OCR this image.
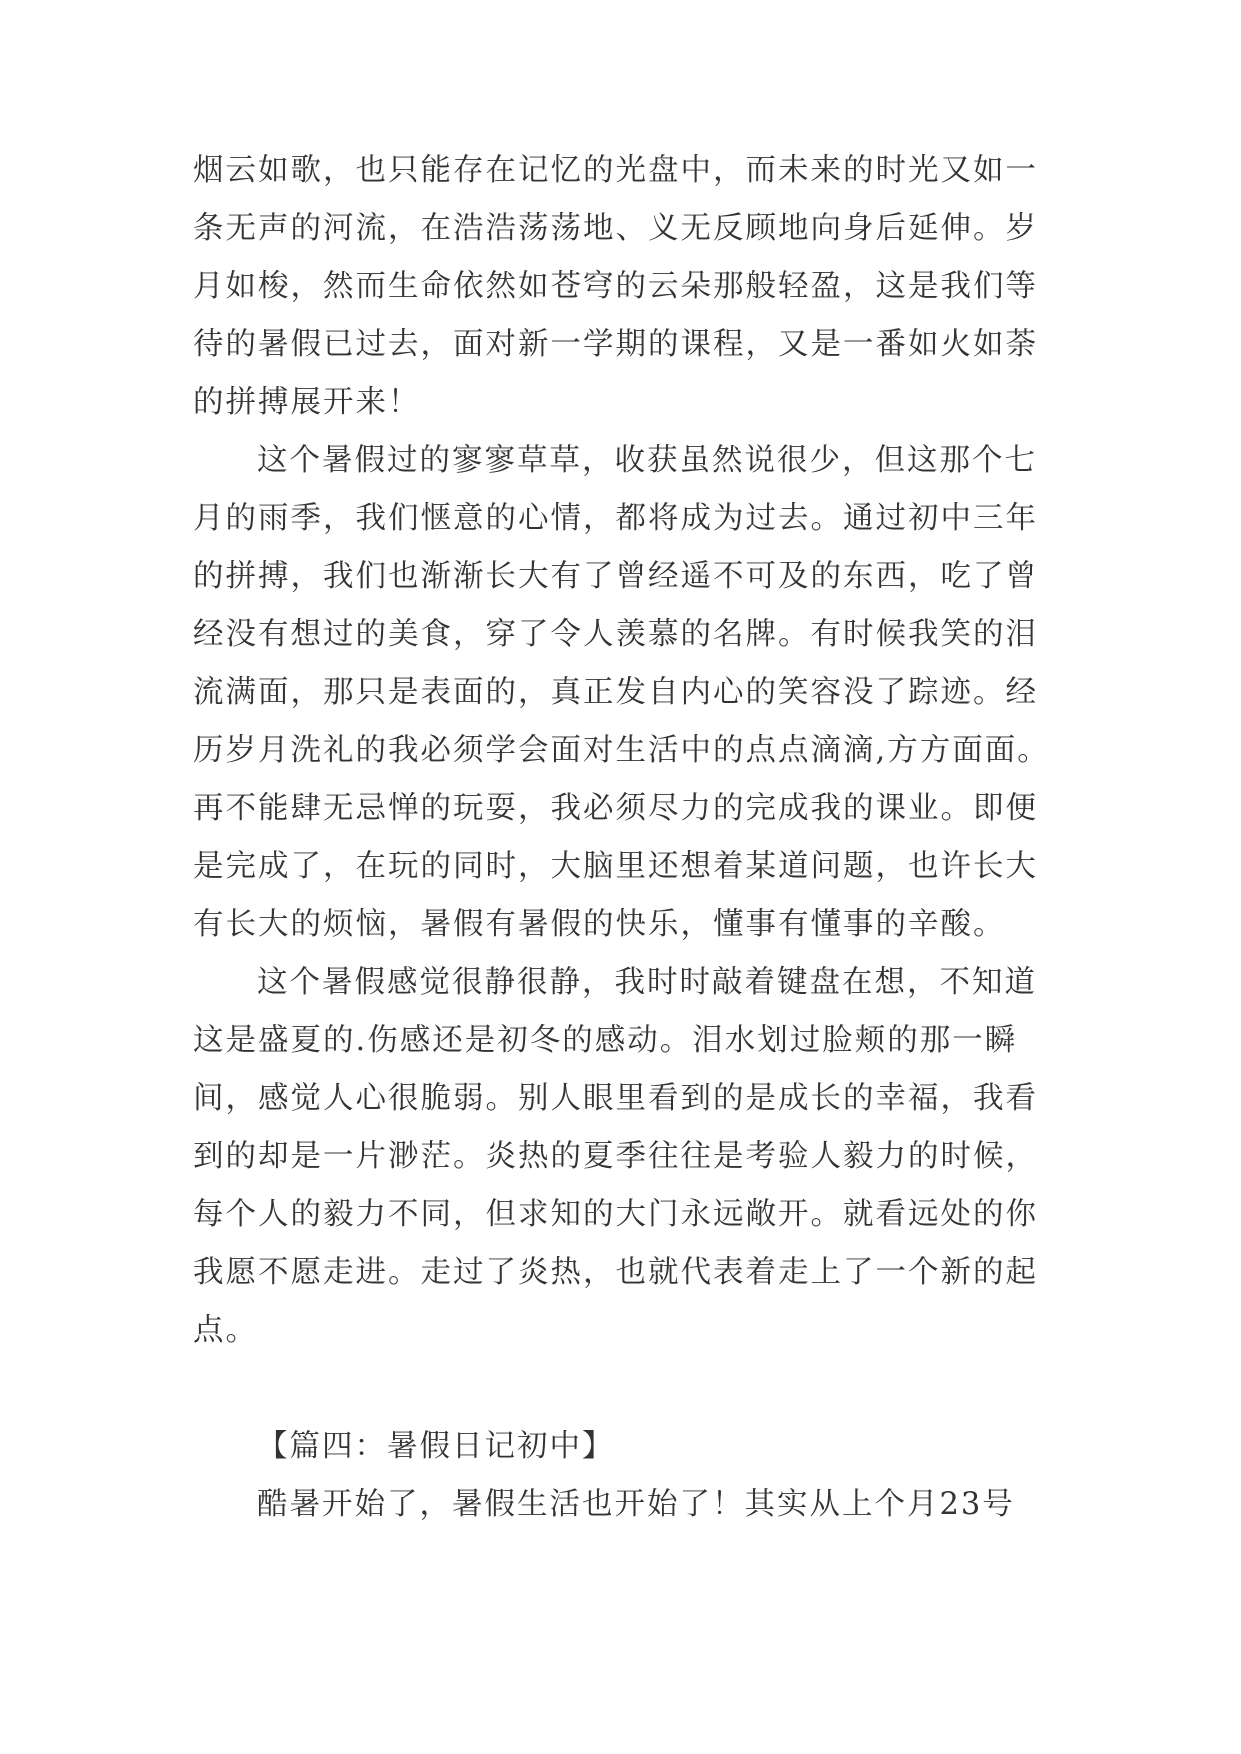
烟云如歌，也只能存在记忆的光盘中，而未来的时光又如一
条无声的河流，在浩浩荡荡地、义无反顾地向身后延伸。岁
月如梭，然而生命依然如苍穹的云朵那般轻盈，这是我们等
待的暑假已过去，面对新一学期的课程，又是一番如火如荼
的拼搏展开来！
这个暑假过的寥寥草草，收获虽然说很少，但这那个七
月的雨季，我们惬意的心情，都将成为过去。通过初中三年
的拼搏，我们也渐渐长大有了曾经遥不可及的东西，吃了曾
经没有想过的美食，穿了令人羡慕的名牌。有时候我笑的泪
流满面，那只是表面的，真正发自内心的笑容没了踪迹。经
历岁月洗礼的我必须学会面对生活中的点点滴滴,方方面面。
再不能肆无忌惮的玩耍，我必须尽力的完成我的课业。即便
是完成了，在玩的同时，大脑里还想着某道问题，也许长大
有长大的烦恼，暑假有暑假的快乐，懂事有懂事的辛酸。
这个暑假感觉很静很静，我时时敲着键盘在想，不知道
这是盛夏的.伤感还是初冬的感动。泪水划过脸颊的那一瞬
间，感觉人心很脆弱。别人眼里看到的是成长的幸福，我看
到的却是一片渺茫。炎热的夏季往往是考验人毅力的时候，
每个人的毅力不同，但求知的大门永远敞开。就看远处的你
我愿不愿走进。走过了炎热，也就代表着走上了一个新的起
点。
【篇四：暑假日记初中】
酷暑开始了，暑假生活也开始了！其实从上个月23号
